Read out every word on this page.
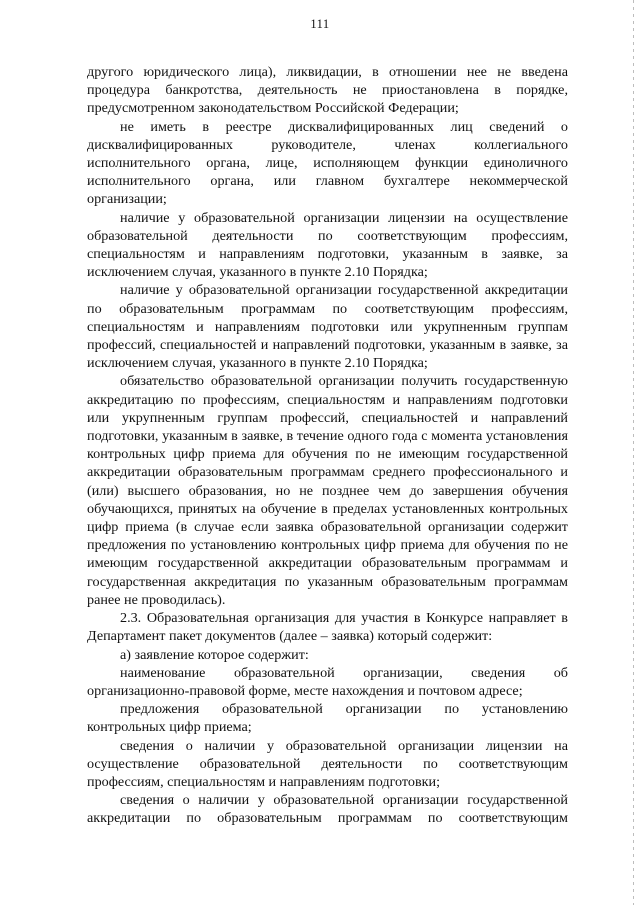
111

другого юридического лица), ликвидации, в отношении нее не введена процедура банкротства, деятельность не приостановлена в порядке, предусмотренном законодательством Российской Федерации;

не иметь в реестре дисквалифицированных лиц сведений о дисквалифицированных руководителе, членах коллегиального исполнительного органа, лице, исполняющем функции единоличного исполнительного органа, или главном бухгалтере некоммерческой организации;

наличие у образовательной организации лицензии на осуществление образовательной деятельности по соответствующим профессиям, специальностям и направлениям подготовки, указанным в заявке, за исключением случая, указанного в пункте 2.10 Порядка;

наличие у образовательной организации государственной аккредитации по образовательным программам по соответствующим профессиям, специальностям и направлениям подготовки или укрупненным группам профессий, специальностей и направлений подготовки, указанным в заявке, за исключением случая, указанного в пункте 2.10 Порядка;

обязательство образовательной организации получить государственную аккредитацию по профессиям, специальностям и направлениям подготовки или укрупненным группам профессий, специальностей и направлений подготовки, указанным в заявке, в течение одного года с момента установления контрольных цифр приема для обучения по не имеющим государственной аккредитации образовательным программам среднего профессионального и (или) высшего образования, но не позднее чем до завершения обучения обучающихся, принятых на обучение в пределах установленных контрольных цифр приема (в случае если заявка образовательной организации содержит предложения по установлению контрольных цифр приема для обучения по не имеющим государственной аккредитации образовательным программам и государственная аккредитация по указанным образовательным программам ранее не проводилась).

2.3. Образовательная организация для участия в Конкурсе направляет в Департамент пакет документов (далее – заявка) который содержит:

а) заявление которое содержит:

наименование образовательной организации, сведения об организационно-правовой форме, месте нахождения и почтовом адресе;

предложения образовательной организации по установлению контрольных цифр приема;

сведения о наличии у образовательной организации лицензии на осуществление образовательной деятельности по соответствующим профессиям, специальностям и направлениям подготовки;

сведения о наличии у образовательной организации государственной аккредитации по образовательным программам по соответствующим
